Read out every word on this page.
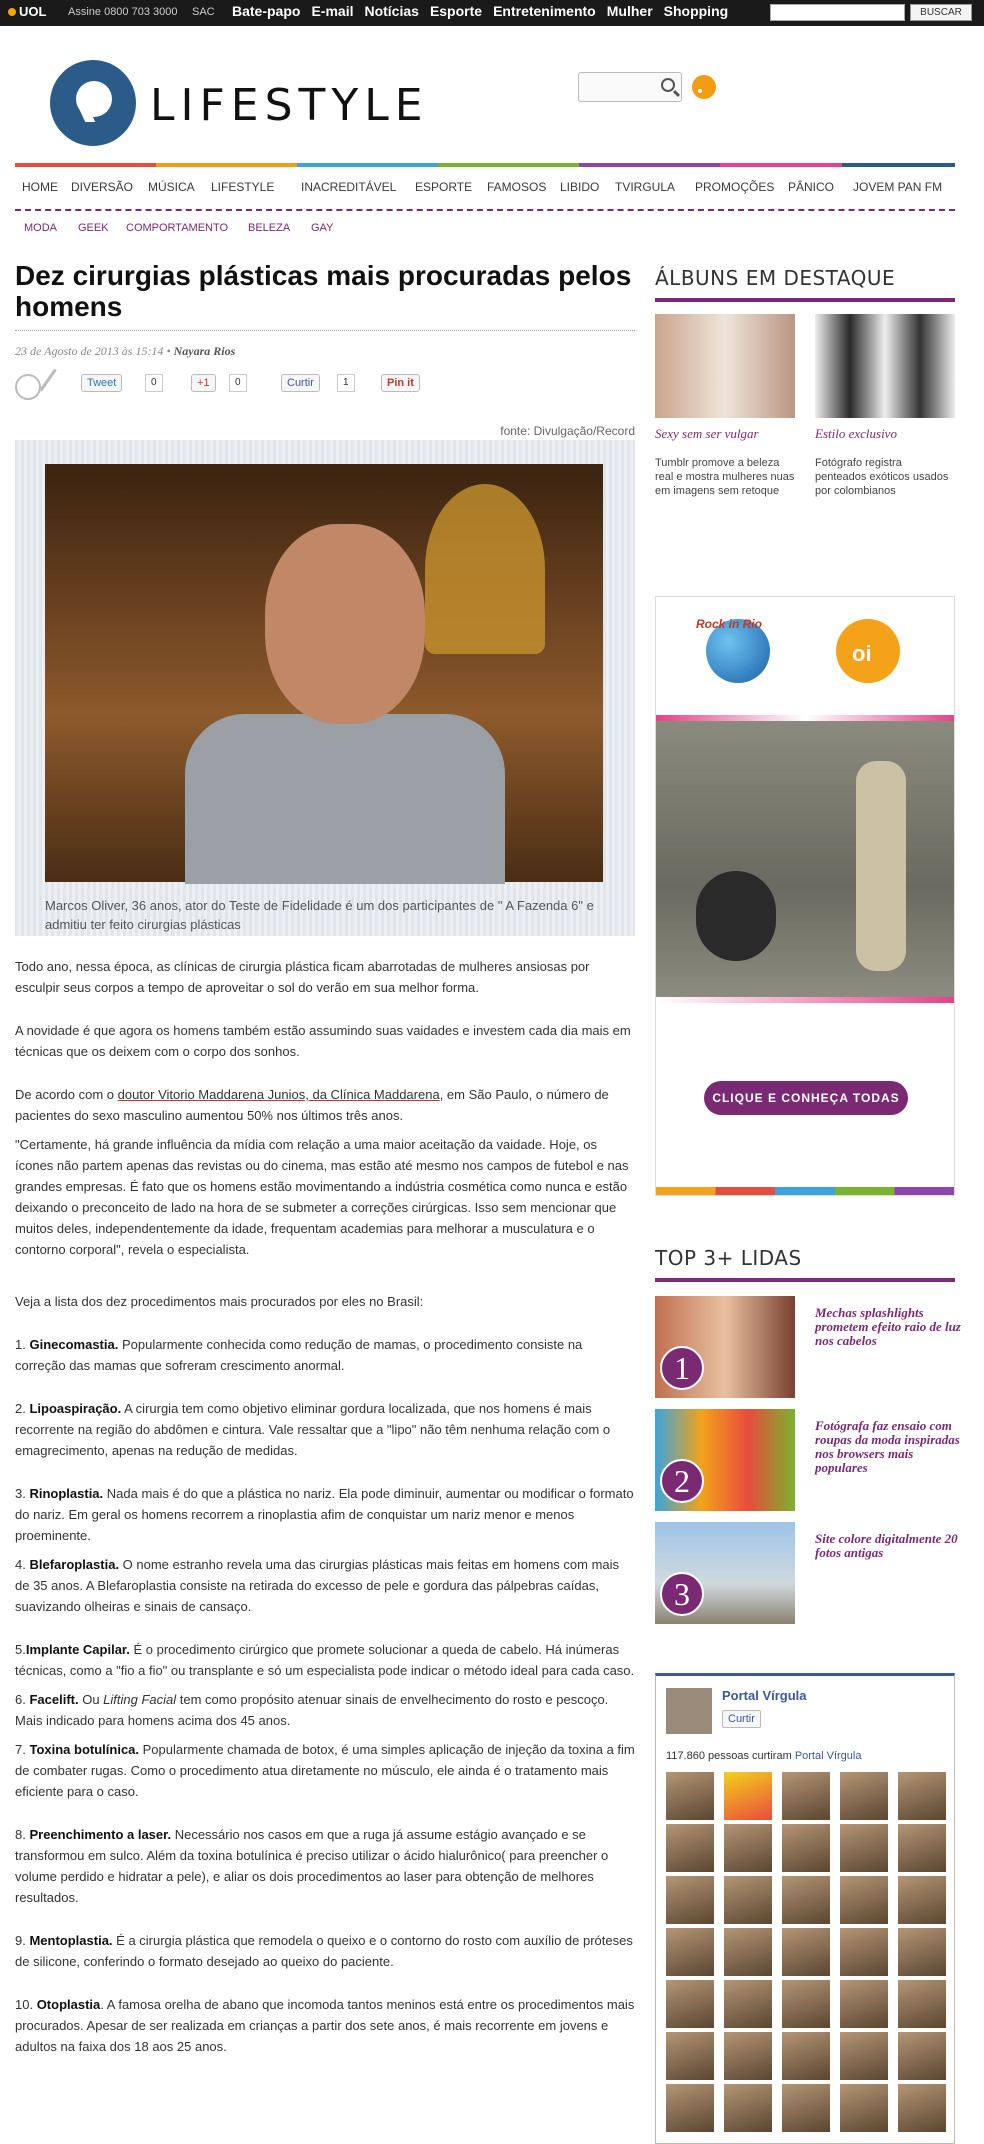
UOL Assine 0800 703 3000 SAC Bate-papo E-mail Notícias Esporte Entretenimento Mulher Shopping	BUSCAR
LIFESTYLE
HOME DIVERSÃO MÚSICA LIFESTYLE INACREDITÁVEL ESPORTE FAMOSOS LIBIDO TVIRGULA PROMOÇÕES PÂNICO JOVEM PAN FM
MODA GEEK COMPORTAMENTO BELEZA GAY
Dez cirurgias plásticas mais procuradas pelos homens
23 de Agosto de 2013 às 15:14 • Nayara Rios
Tweet	0	+1	0	Curtir	1	Pin it
fonte: Divulgação/Record
Marcos Oliver, 36 anos, ator do Teste de Fidelidade é um dos participantes de " A Fazenda 6" e admitiu ter feito cirurgias plásticas

Todo ano, nessa época, as clínicas de cirurgia plástica ficam abarrotadas de mulheres ansiosas por esculpir seus corpos a tempo de aproveitar o sol do verão em sua melhor forma.

A novidade é que agora os homens também estão assumindo suas vaidades e investem cada dia mais em técnicas que os deixem com o corpo dos sonhos.

De acordo com o doutor Vitorio Maddarena Junios, da Clínica Maddarena, em São Paulo, o número de pacientes do sexo masculino aumentou 50% nos últimos três anos.

"Certamente, há grande influência da mídia com relação a uma maior aceitação da vaidade. Hoje, os ícones não partem apenas das revistas ou do cinema, mas estão até mesmo nos campos de futebol e nas grandes empresas. É fato que os homens estão movimentando a indústria cosmética como nunca e estão deixando o preconceito de lado na hora de se submeter a correções cirúrgicas. Isso sem mencionar que muitos deles, independentemente da idade, frequentam academias para melhorar a musculatura e o contorno corporal", revela o especialista.

Veja a lista dos dez procedimentos mais procurados por eles no Brasil:

1. Ginecomastia. Popularmente conhecida como redução de mamas, o procedimento consiste na correção das mamas que sofreram crescimento anormal.

2. Lipoaspiração. A cirurgia tem como objetivo eliminar gordura localizada, que nos homens é mais recorrente na região do abdômen e cintura. Vale ressaltar que a "lipo" não têm nenhuma relação com o emagrecimento, apenas na redução de medidas.

3. Rinoplastia. Nada mais é do que a plástica no nariz. Ela pode diminuir, aumentar ou modificar o formato do nariz. Em geral os homens recorrem a rinoplastia afim de conquistar um nariz menor e menos proeminente.

4. Blefaroplastia. O nome estranho revela uma das cirurgias plásticas mais feitas em homens com mais de 35 anos. A Blefaroplastia consiste na retirada do excesso de pele e gordura das pálpebras caídas, suavizando olheiras e sinais de cansaço.

5.Implante Capilar. É o procedimento cirúrgico que promete solucionar a queda de cabelo. Há inúmeras técnicas, como a "fio a fio" ou transplante e só um especialista pode indicar o método ideal para cada caso.

6. Facelift. Ou Lifting Facial tem como propósito atenuar sinais de envelhecimento do rosto e pescoço. Mais indicado para homens acima dos 45 anos.

7. Toxina botulínica. Popularmente chamada de botox, é uma simples aplicação de injeção da toxina a fim de combater rugas. Como o procedimento atua diretamente no músculo, ele ainda é o tratamento mais eficiente para o caso.

8. Preenchimento a laser. Necessário nos casos em que a ruga já assume estágio avançado e se transformou em sulco. Além da toxina botulínica é preciso utilizar o ácido hialurônico( para preencher o volume perdido e hidratar a pele), e aliar os dois procedimentos ao laser para obtenção de melhores resultados.

9. Mentoplastia. É a cirurgia plástica que remodela o queixo e o contorno do rosto com auxílio de próteses de silicone, conferindo o formato desejado ao queixo do paciente.

10. Otoplastia. A famosa orelha de abano que incomoda tantos meninos está entre os procedimentos mais procurados. Apesar de ser realizada em crianças a partir dos sete anos, é mais recorrente em jovens e adultos na faixa dos 18 aos 25 anos.

ÁLBUNS EM DESTAQUE
Sexy sem ser vulgar	Estilo exclusivo
Tumblr promove a beleza real e mostra mulheres nuas em imagens sem retoque
Fotógrafo registra penteados exóticos usados por colombianos
Rock in Rio
oi
CLIQUE E CONHEÇA TODAS
TOP 3+ LIDAS
1
Mechas splashlights prometem efeito raio de luz nos cabelos
2
Fotógrafa faz ensaio com roupas da moda inspiradas nos browsers mais populares
3
Site colore digitalmente 20 fotos antigas
Portal Vírgula
Curtir
117.860 pessoas curtiram Portal Vírgula
